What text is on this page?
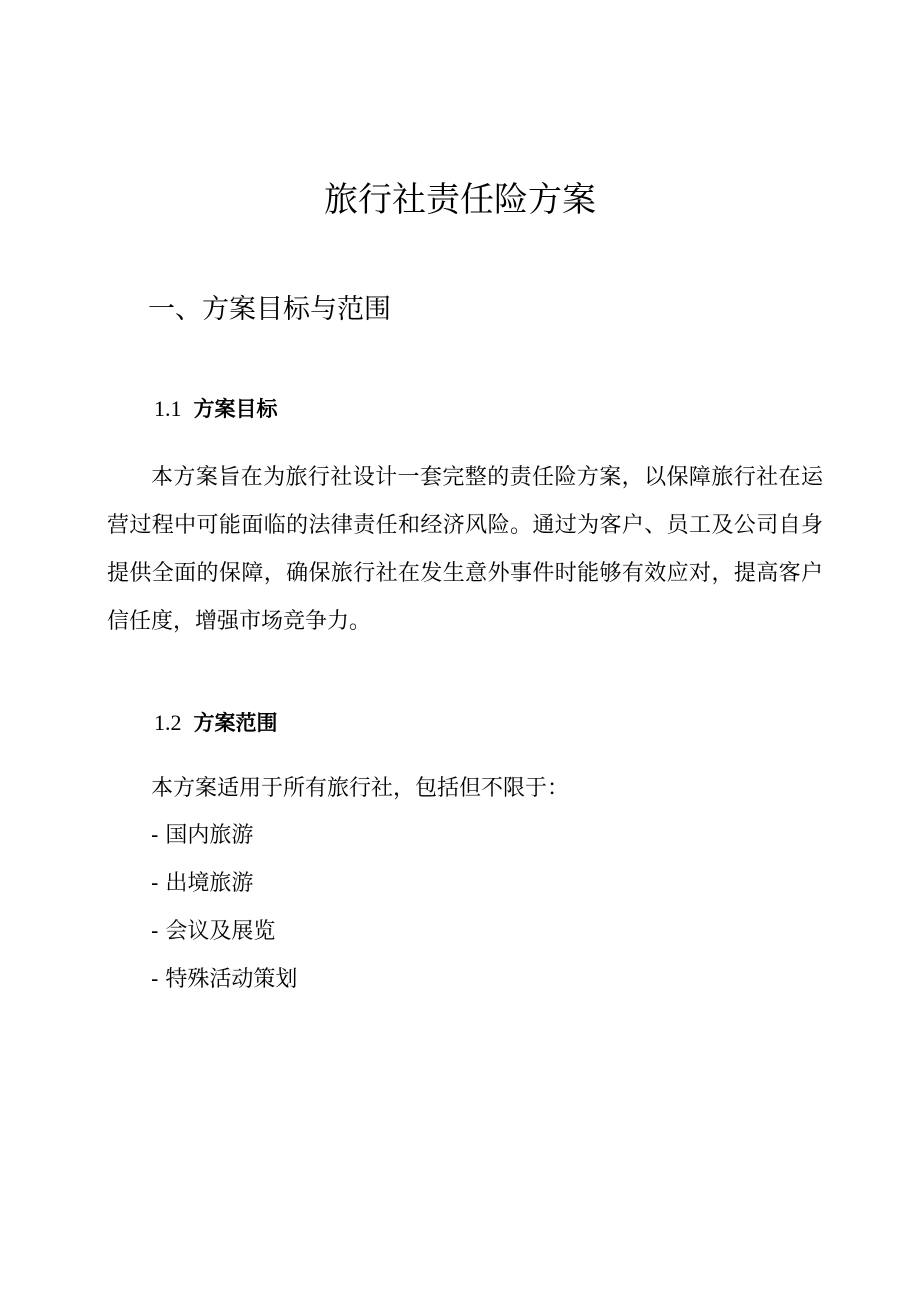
旅行社责任险方案
一、方案目标与范围
1.1 方案目标

本方案旨在为旅行社设计一套完整的责任险方案，以保障旅行社在运营过程中可能面临的法律责任和经济风险。通过为客户、员工及公司自身提供全面的保障，确保旅行社在发生意外事件时能够有效应对，提高客户信任度，增强市场竞争力。

1.2 方案范围

本方案适用于所有旅行社，包括但不限于：

- 国内旅游
- 出境旅游
- 会议及展览
- 特殊活动策划
